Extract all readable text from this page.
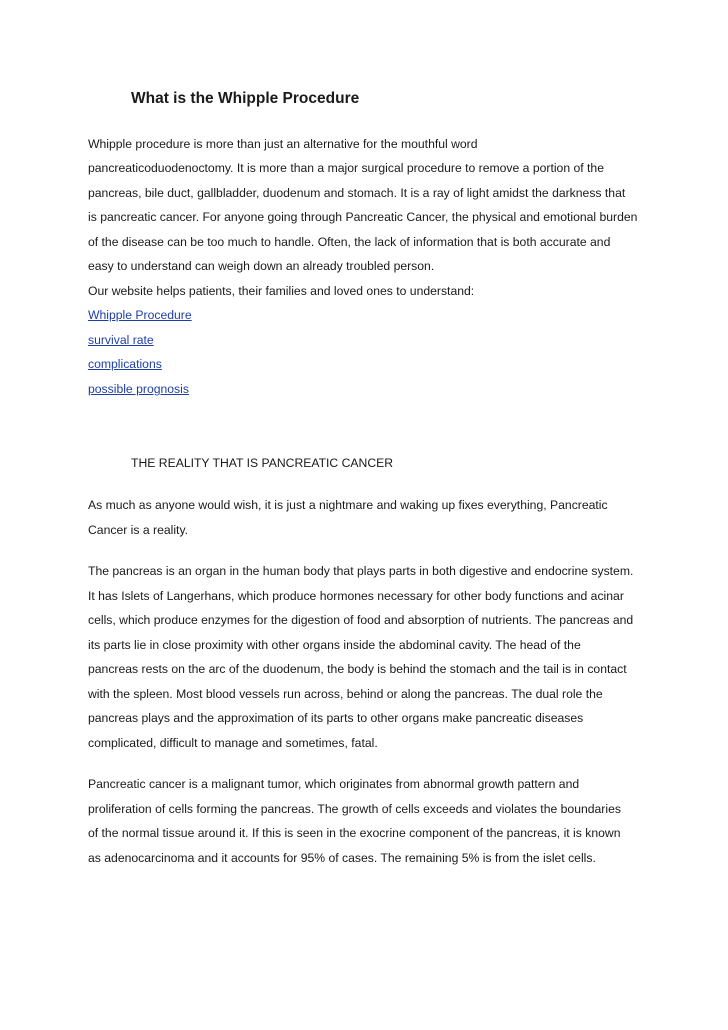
What is the Whipple Procedure
Whipple procedure is more than just an alternative for the mouthful word
pancreaticoduodenoctomy. It is more than a major surgical procedure to remove a portion of the
pancreas, bile duct, gallbladder, duodenum and stomach. It is a ray of light amidst the darkness that
is pancreatic cancer. For anyone going through Pancreatic Cancer, the physical and emotional burden
of the disease can be too much to handle. Often, the lack of information that is both accurate and
easy to understand can weigh down an already troubled person.
Our website helps patients, their families and loved ones to understand:
Whipple Procedure
survival rate
complications
possible prognosis
As much as anyone would wish, it is just a nightmare and waking up fixes everything, Pancreatic
Cancer is a reality.
The pancreas is an organ in the human body that plays parts in both digestive and endocrine system.
It has Islets of Langerhans, which produce hormones necessary for other body functions and acinar
cells, which produce enzymes for the digestion of food and absorption of nutrients. The pancreas and
its parts lie in close proximity with other organs inside the abdominal cavity. The head of the
pancreas rests on the arc of the duodenum, the body is behind the stomach and the tail is in contact
with the spleen. Most blood vessels run across, behind or along the pancreas. The dual role the
pancreas plays and the approximation of its parts to other organs make pancreatic diseases
complicated, difficult to manage and sometimes, fatal.
Pancreatic cancer is a malignant tumor, which originates from abnormal growth pattern and
proliferation of cells forming the pancreas. The growth of cells exceeds and violates the boundaries
of the normal tissue around it. If this is seen in the exocrine component of the pancreas, it is known
as adenocarcinoma and it accounts for 95% of cases. The remaining 5% is from the islet cells.
THE REALITY THAT IS PANCREATIC CANCER
